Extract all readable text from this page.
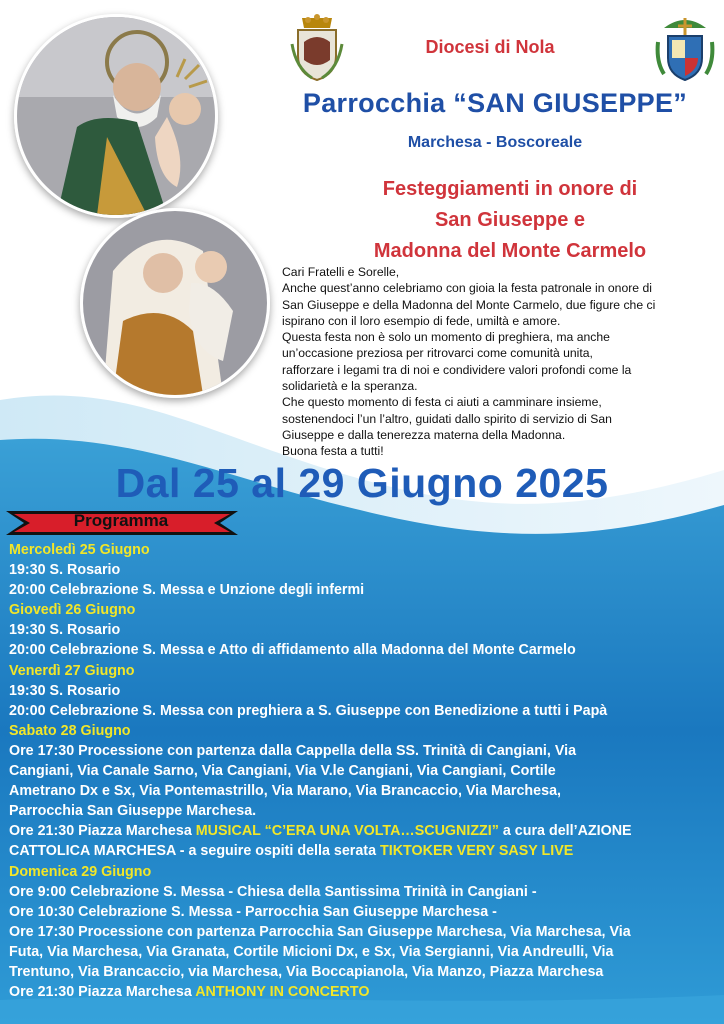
Diocesi di Nola
Parrocchia “SAN GIUSEPPE”
Marchesa - Boscoreale
Festeggiamenti in onore di
San Giuseppe e
Madonna del Monte Carmelo
Cari Fratelli e Sorelle,
Anche quest’anno celebriamo con gioia la festa patronale in onore di
San Giuseppe e della Madonna del Monte Carmelo, due figure che ci
ispirano con il loro esempio di fede, umiltà e amore.
Questa festa non è solo un momento di preghiera, ma anche
un’occasione preziosa per ritrovarci come comunità unita,
rafforzare i legami tra di noi e condividere valori profondi come la
solidarietà e la speranza.
Che questo momento di festa ci aiuti a camminare insieme,
sostenendoci l’un l’altro, guidati dallo spirito di servizio di San
Giuseppe e dalla tenerezza materna della Madonna.
Buona festa a tutti!
Dal 25 al 29 Giugno 2025
Programma

Mercoledì 25 Giugno

19:30 S. Rosario

20:00 Celebrazione S. Messa e Unzione degli infermi

Giovedì 26 Giugno

19:30 S. Rosario

20:00 Celebrazione S. Messa e Atto di affidamento alla Madonna del Monte Carmelo

Venerdì 27 Giugno

19:30 S. Rosario

20:00 Celebrazione S. Messa con preghiera a S. Giuseppe con Benedizione a tutti i Papà

Sabato 28 Giugno

Ore 17:30 Processione con partenza dalla Cappella della SS. Trinità di Cangiani, Via

Cangiani, Via Canale Sarno, Via Cangiani, Via V.le Cangiani, Via Cangiani, Cortile

Ametrano Dx e Sx, Via Pontemastrillo, Via Marano, Via Brancaccio, Via Marchesa,

Parrocchia San Giuseppe Marchesa.

Ore 21:30 Piazza Marchesa MUSICAL “C’ERA UNA VOLTA…SCUGNIZZI” a cura dell’AZIONE

CATTOLICA MARCHESA - a seguire ospiti della serata TIKTOKER VERY SASY LIVE

Domenica 29 Giugno

Ore 9:00 Celebrazione S. Messa - Chiesa della Santissima Trinità in Cangiani -

Ore 10:30 Celebrazione S. Messa - Parrocchia San Giuseppe Marchesa -

Ore 17:30 Processione con partenza Parrocchia San Giuseppe Marchesa, Via Marchesa, Via

Futa, Via Marchesa, Via Granata, Cortile Micioni Dx, e Sx, Via Sergianni, Via Andreulli, Via

Trentuno, Via Brancaccio, via Marchesa, Via Boccapianola, Via Manzo, Piazza Marchesa

Ore 21:30 Piazza Marchesa ANTHONY IN CONCERTO
